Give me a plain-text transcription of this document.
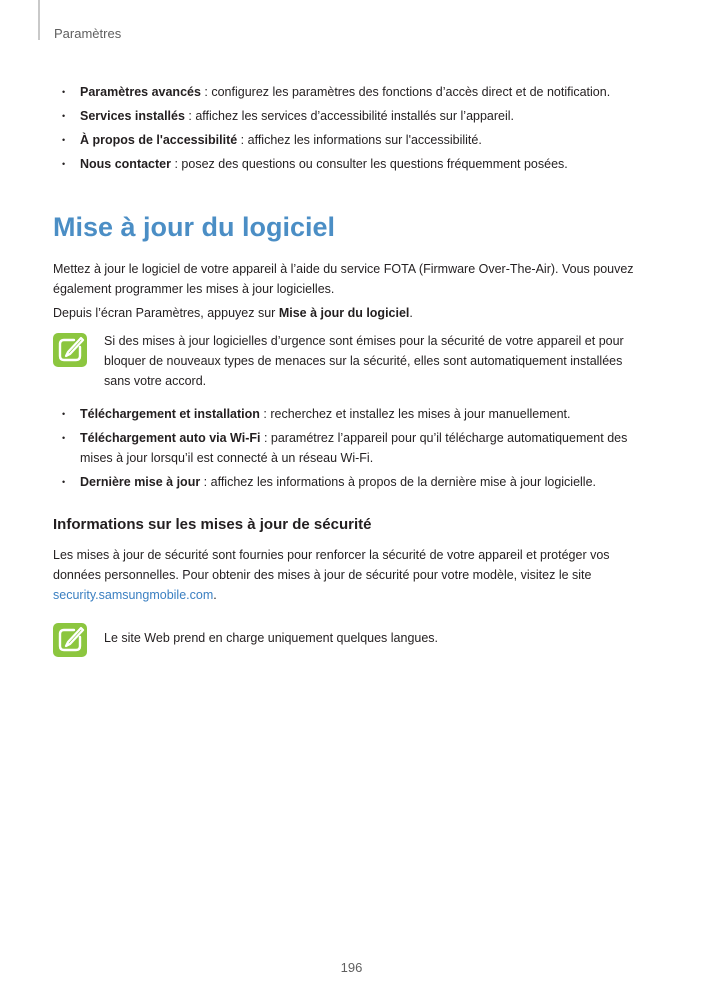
Paramètres
• Paramètres avancés : configurez les paramètres des fonctions d’accès direct et de notification.
• Services installés : affichez les services d’accessibilité installés sur l’appareil.
• À propos de l'accessibilité : affichez les informations sur l'accessibilité.
• Nous contacter : posez des questions ou consulter les questions fréquemment posées.
Mise à jour du logiciel

Mettez à jour le logiciel de votre appareil à l’aide du service FOTA (Firmware Over-The-Air). Vous pouvez également programmer les mises à jour logicielles.

Depuis l’écran Paramètres, appuyez sur Mise à jour du logiciel.

Si des mises à jour logicielles d’urgence sont émises pour la sécurité de votre appareil et pour bloquer de nouveaux types de menaces sur la sécurité, elles sont automatiquement installées sans votre accord.

• Téléchargement et installation : recherchez et installez les mises à jour manuellement.
• Téléchargement auto via Wi-Fi : paramétrez l’appareil pour qu’il télécharge automatiquement des mises à jour lorsqu’il est connecté à un réseau Wi-Fi.
• Dernière mise à jour : affichez les informations à propos de la dernière mise à jour logicielle.
Informations sur les mises à jour de sécurité

Les mises à jour de sécurité sont fournies pour renforcer la sécurité de votre appareil et protéger vos données personnelles. Pour obtenir des mises à jour de sécurité pour votre modèle, visitez le site security.samsungmobile.com.

Le site Web prend en charge uniquement quelques langues.

196
